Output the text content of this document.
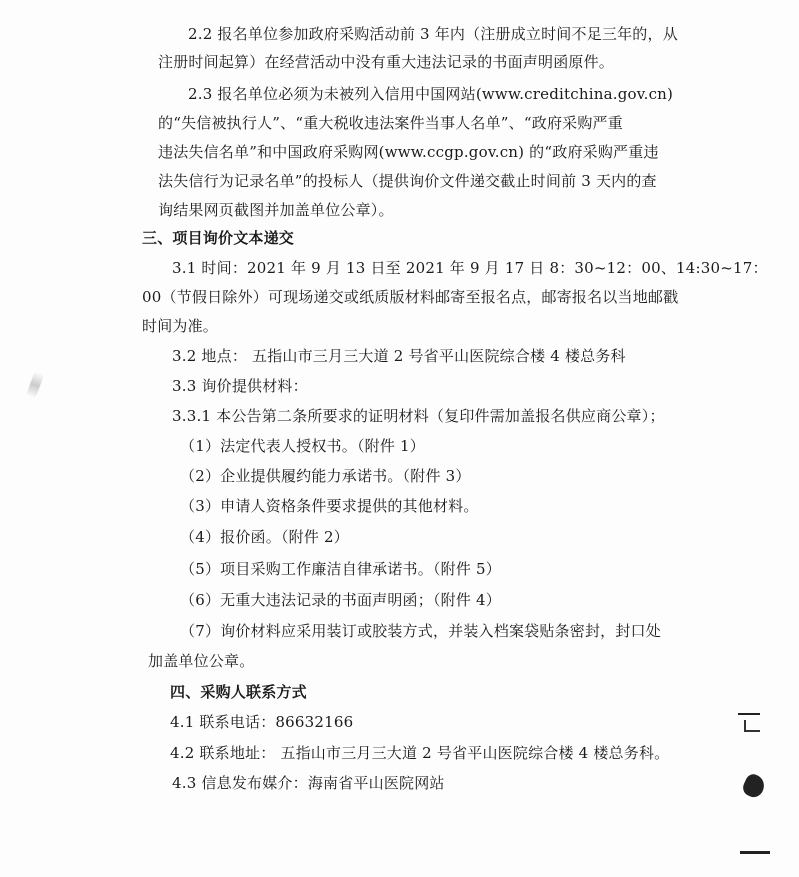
2.2 报名单位参加政府采购活动前 3 年内（注册成立时间不足三年的，从
注册时间起算）在经营活动中没有重大违法记录的书面声明函原件。
2.3 报名单位必须为未被列入信用中国网站(www.creditchina.gov.cn)
的“失信被执行人”、“重大税收违法案件当事人名单”、“政府采购严重
违法失信名单”和中国政府采购网(www.ccgp.gov.cn) 的“政府采购严重违
法失信行为记录名单”的投标人（提供询价文件递交截止时间前 3 天内的查
询结果网页截图并加盖单位公章）。
三、项目询价文本递交
3.1 时间：2021 年 9 月 13 日至 2021 年 9 月 17 日 8：30~12：00、14:30~17：
00（节假日除外）可现场递交或纸质版材料邮寄至报名点，邮寄报名以当地邮戳
时间为准。
3.2 地点： 五指山市三月三大道 2 号省平山医院综合楼 4 楼总务科
3.3 询价提供材料：
3.3.1 本公告第二条所要求的证明材料（复印件需加盖报名供应商公章）；
（1）法定代表人授权书。（附件 1）
（2）企业提供履约能力承诺书。（附件 3）
（3）申请人资格条件要求提供的其他材料。
（4）报价函。（附件 2）
（5）项目采购工作廉洁自律承诺书。（附件 5）
（6）无重大违法记录的书面声明函；（附件 4）
（7）询价材料应采用装订或胶装方式，并装入档案袋贴条密封，封口处
加盖单位公章。
四、采购人联系方式
4.1 联系电话：86632166
4.2 联系地址： 五指山市三月三大道 2 号省平山医院综合楼 4 楼总务科。
4.3 信息发布媒介：海南省平山医院网站
